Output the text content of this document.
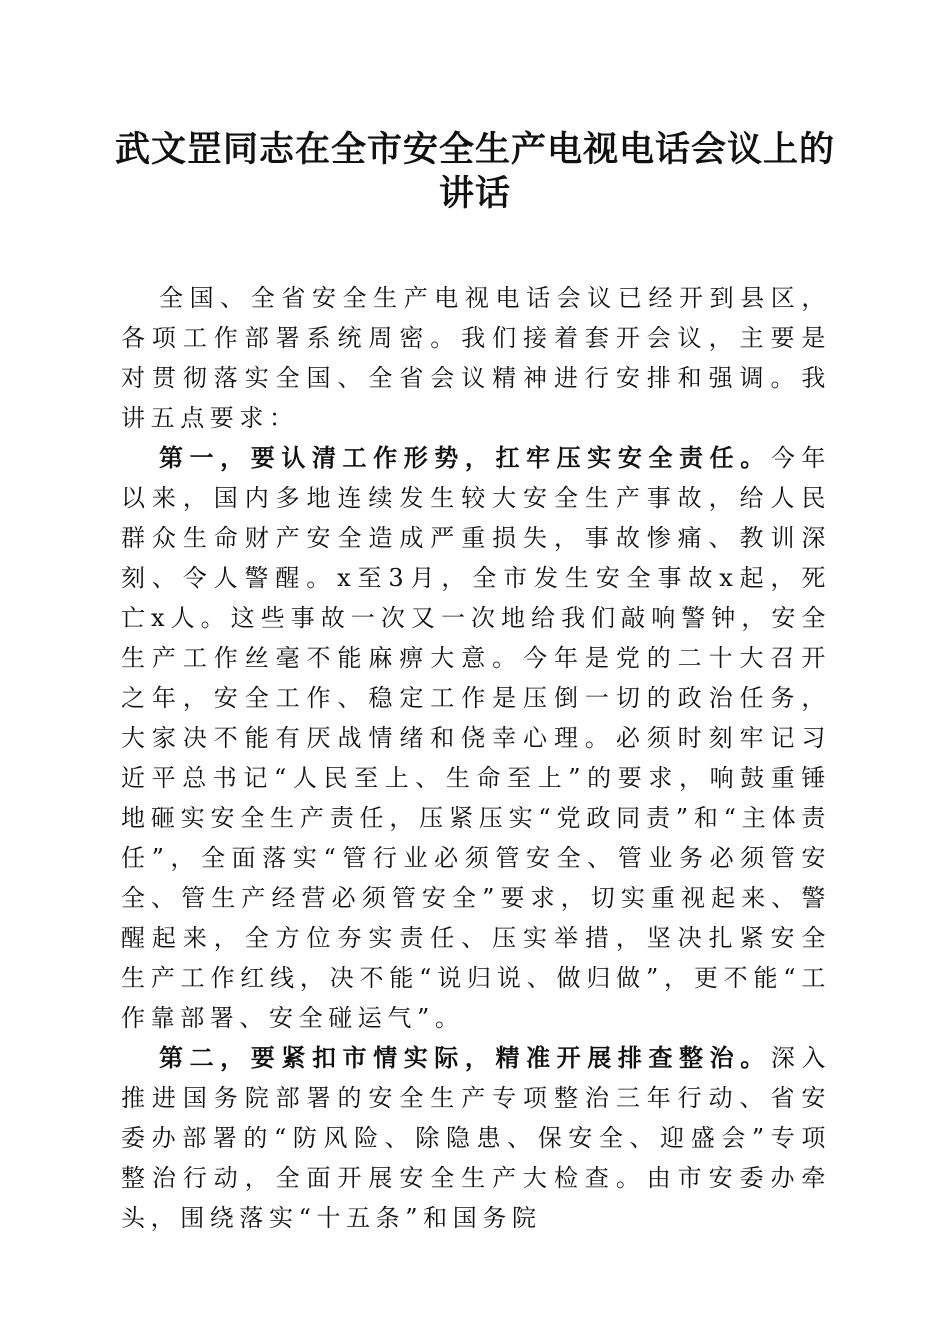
武文罡同志在全市安全生产电视电话会议上的
讲话

全国、全省安全生产电视电话会议已经开到县区，各项工作部署系统周密。我们接着套开会议，主要是对贯彻落实全国、全省会议精神进行安排和强调。我讲五点要求：

第一，要认清工作形势，扛牢压实安全责任。今年以来，国内多地连续发生较大安全生产事故，给人民群众生命财产安全造成严重损失，事故惨痛、教训深刻、令人警醒。x至3月，全市发生安全事故x起，死亡x人。这些事故一次又一次地给我们敲响警钟，安全生产工作丝毫不能麻痹大意。今年是党的二十大召开之年，安全工作、稳定工作是压倒一切的政治任务，大家决不能有厌战情绪和侥幸心理。必须时刻牢记习近平总书记“人民至上、生命至上”的要求，响鼓重锤地砸实安全生产责任，压紧压实“党政同责”和“主体责任”，全面落实“管行业必须管安全、管业务必须管安全、管生产经营必须管安全”要求，切实重视起来、警醒起来，全方位夯实责任、压实举措，坚决扎紧安全生产工作红线，决不能“说归说、做归做”，更不能“工作靠部署、安全碰运气”。

第二，要紧扣市情实际，精准开展排查整治。深入推进国务院部署的安全生产专项整治三年行动、省安委办部署的“防风险、除隐患、保安全、迎盛会”专项整治行动，全面开展安全生产大检查。由市安委办牵头，围绕落实“十五条”和国务院
